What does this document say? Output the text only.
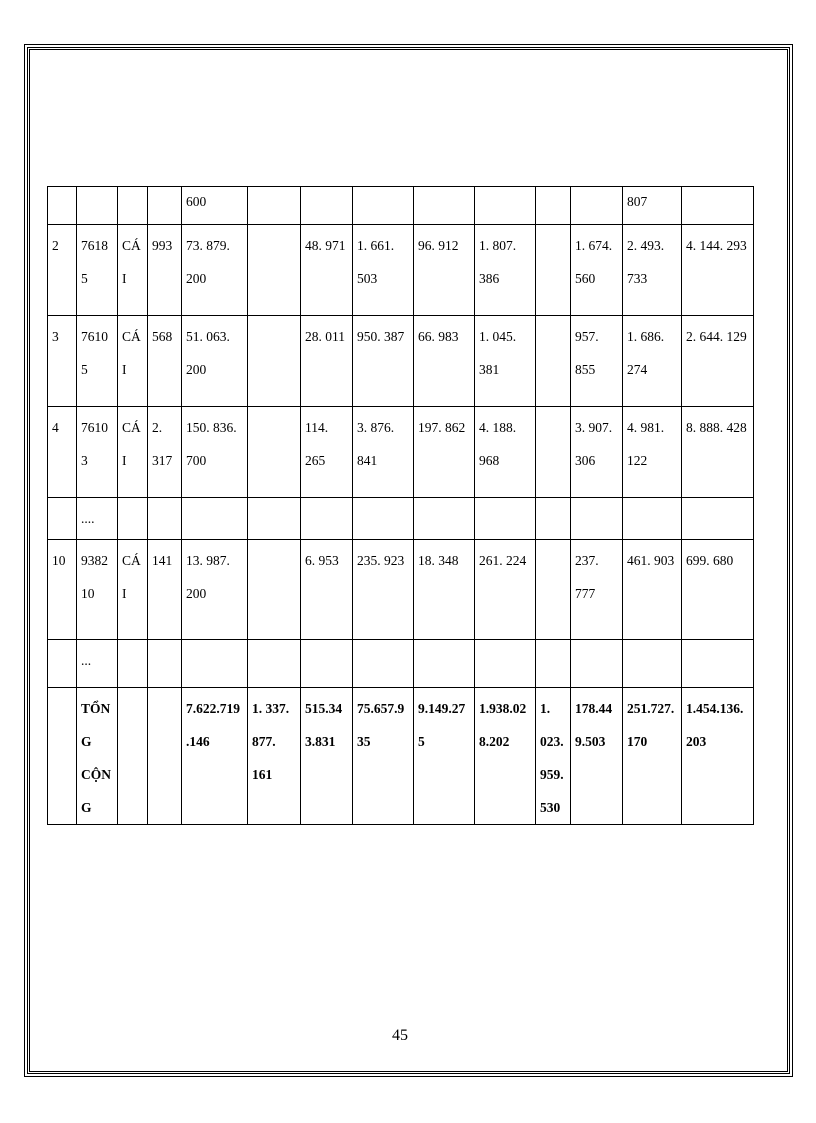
				600								807	
2	76185	CÁI	993	73. 879. 200		48. 971	1. 661. 503	96. 912	1. 807. 386		1. 674. 560	2. 493. 733	4. 144. 293
3	76105	CÁI	568	51. 063. 200		28. 011	950. 387	66. 983	1. 045. 381		957. 855	1. 686. 274	2. 644. 129
4	76103	CÁI	2. 317	150. 836. 700		114. 265	3. 876. 841	197. 862	4. 188. 968		3. 907. 306	4. 981. 122	8. 888. 428
	....												
10	938210	CÁI	141	13. 987. 200		6. 953	235. 923	18. 348	261. 224		237. 777	461. 903	699. 680
	...												
	TỔNG CỘNG			7.622.719.146	1. 337. 877. 161	515.343.831	75.657.935	9.149.275	1.938.028.202	1. 023. 959.530	178.449.503	251.727.170	1.454.136.203
45
